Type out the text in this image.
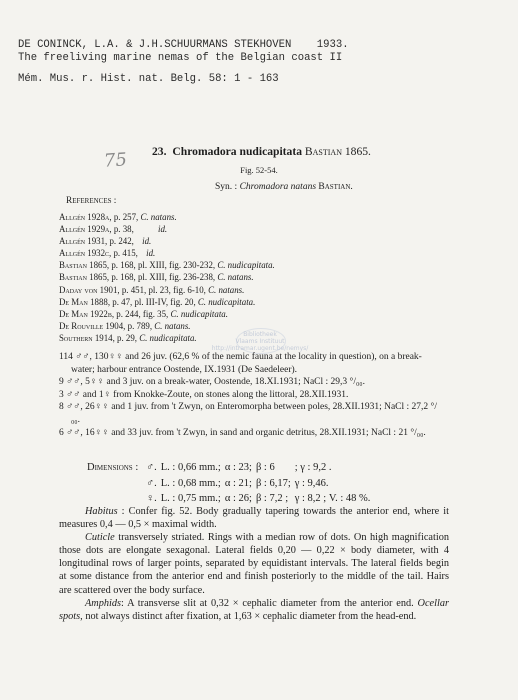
DE CONINCK, L.A. & J.H.SCHUURMANS STEKHOVEN    1933.
The freeliving marine nemas of the Belgian coast II
Mém. Mus. r. Hist. nat. Belg. 58: 1 - 163
75 23. Chromadora nudicapitata Bastian 1865.
Fig. 52-54.
Syn. : Chromadora natans Bastian.
References :
Bibliotheek
Vlaams Instituut
http://intramar.ugent.be/nemys/
Allgén 1928a, p. 257, C. natans.
Allgén 1929a, p. 38,	id.
Allgén 1931, p. 242, id.
Allgén 1932c, p. 415, id.
Bastian 1865, p. 168, pl. XIII, fig. 230-232, C. nudicapitata.
Bastian 1865, p. 168, pl. XIII, fig. 236-238, C. natans.
Daday von 1901, p. 451, pl. 23, fig. 6-10, C. natans.
De Man 1888, p. 47, pl. III-IV, fig. 20, C. nudicapitata.
De Man 1922b, p. 244, fig. 35, C. nudicapitata.
De Rouville 1904, p. 789, C. natans.
Southern 1914, p. 29, C. nudicapitata.
114 ♂♂, 130♀♀ and 26 juv. (62,6 % of the nemic fauna at the locality in question), on a break-water; harbour entrance Oostende, IX.1931 (De Saedeleer).
9 ♂♂, 5♀♀ and 3 juv. on a break-water, Oostende, 18.XI.1931; NaCl : 29,3 °/₀₀.
3 ♂♂ and 1♀ from Knokke-Zoute, on stones along the littoral, 28.XII.1931.
8 ♂♂, 26♀♀ and 1 juv. from 't Zwyn, on Enteromorpha between poles, 28.XII.1931; NaCl : 27,2 °/₀₀.
6 ♂♂, 16♀♀ and 33 juv. from 't Zwyn, in sand and organic detritus, 28.XII.1931; NaCl : 21 °/₀₀.
Dimensions :	♂.	L. : 0,66 mm.;	α : 23;	β : 6	; γ : 9,2 .
	♂.	L. : 0,68 mm.;	α : 21;	β : 6,17;	γ : 9,46.
	♀.	L. : 0,75 mm.;	α : 26;	β : 7,2 ;	γ : 8,2 ; V. : 48 %.

Habitus : Confer fig. 52. Body gradually tapering towards the anterior end, where it measures 0,4 — 0,5 × maximal width.

Cuticle transversely striated. Rings with a median row of dots. On high magnification those dots are elongate sexagonal. Lateral fields 0,20 — 0,22 × body diameter, with 4 longitudinal rows of larger points, separated by equidistant intervals. The lateral fields begin at some distance from the anterior end and finish posteriorly to the middle of the tail. Hairs are scattered over the body surface.

Amphids: A transverse slit at 0,32 × cephalic diameter from the anterior end. Ocellar spots, not always distinct after fixation, at 1,63 × cephalic diameter from the head-end.
